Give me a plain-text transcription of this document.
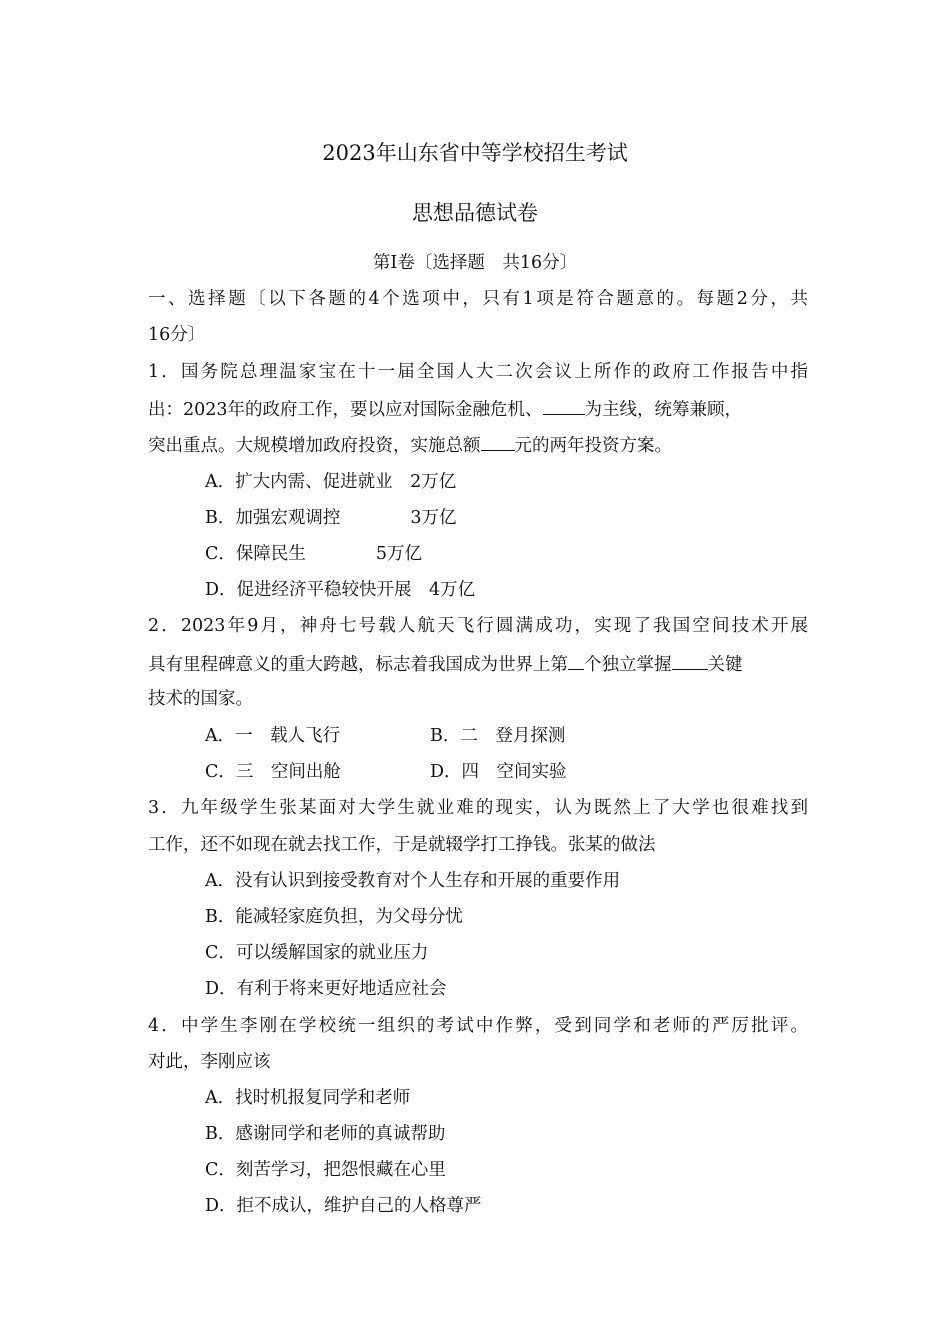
2023年山东省中等学校招生考试
思想品德试卷
第Ⅰ卷〔选择题　共16分〕
一、选择题〔以下各题的4个选项中，只有1项是符合题意的。每题2分，共
16分〕
1．国务院总理温家宝在十一届全国人大二次会议上所作的政府工作报告中指
出：2023年的政府工作，要以应对国际金融危机、 为主线，统筹兼顾，
突出重点。大规模增加政府投资，实施总额 元的两年投资方案。
A．扩大内需、促进就业　2万亿
B．加强宏观调控　　　　3万亿
C．保障民生　　　　5万亿
D．促进经济平稳较快开展　4万亿
2．2023年9月，神舟七号载人航天飞行圆满成功，实现了我国空间技术开展
具有里程碑意义的重大跨越，标志着我国成为世界上第 个独立掌握 关键
技术的国家。
A．一　载人飞行	B．二　登月探测
C．三　空间出舱	D．四　空间实验
3．九年级学生张某面对大学生就业难的现实，认为既然上了大学也很难找到
工作，还不如现在就去找工作，于是就辍学打工挣钱。张某的做法
A．没有认识到接受教育对个人生存和开展的重要作用
B．能减轻家庭负担，为父母分忧
C．可以缓解国家的就业压力
D．有利于将来更好地适应社会
4．中学生李刚在学校统一组织的考试中作弊，受到同学和老师的严厉批评。
对此，李刚应该
A．找时机报复同学和老师
B．感谢同学和老师的真诚帮助
C．刻苦学习，把怨恨藏在心里
D．拒不成认，维护自己的人格尊严
